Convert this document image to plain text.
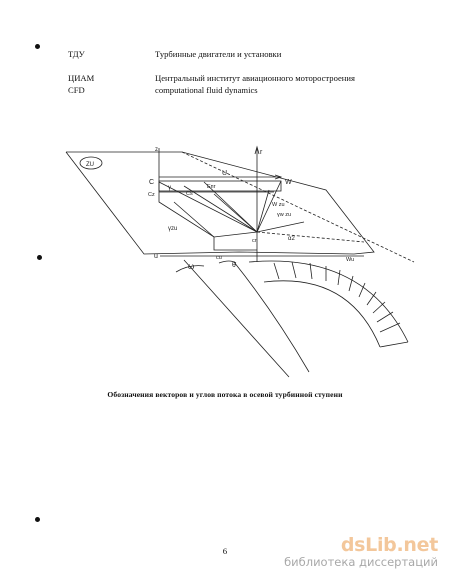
ТДУ	Турбинные двигатели и установки
ЦИАМ	Центральный институт авиационного моторостроения
CFD	computational fluid dynamics
ZU
z	r
C
Cz
U
W
γ	Eпг
Cs
W zu
γw zu
γzu
α2
u
ω	θ
cu
cr
Wu
Обозначения векторов и углов потока в осевой турбинной ступени
6	dsLib.net
библиотека диссертаций
